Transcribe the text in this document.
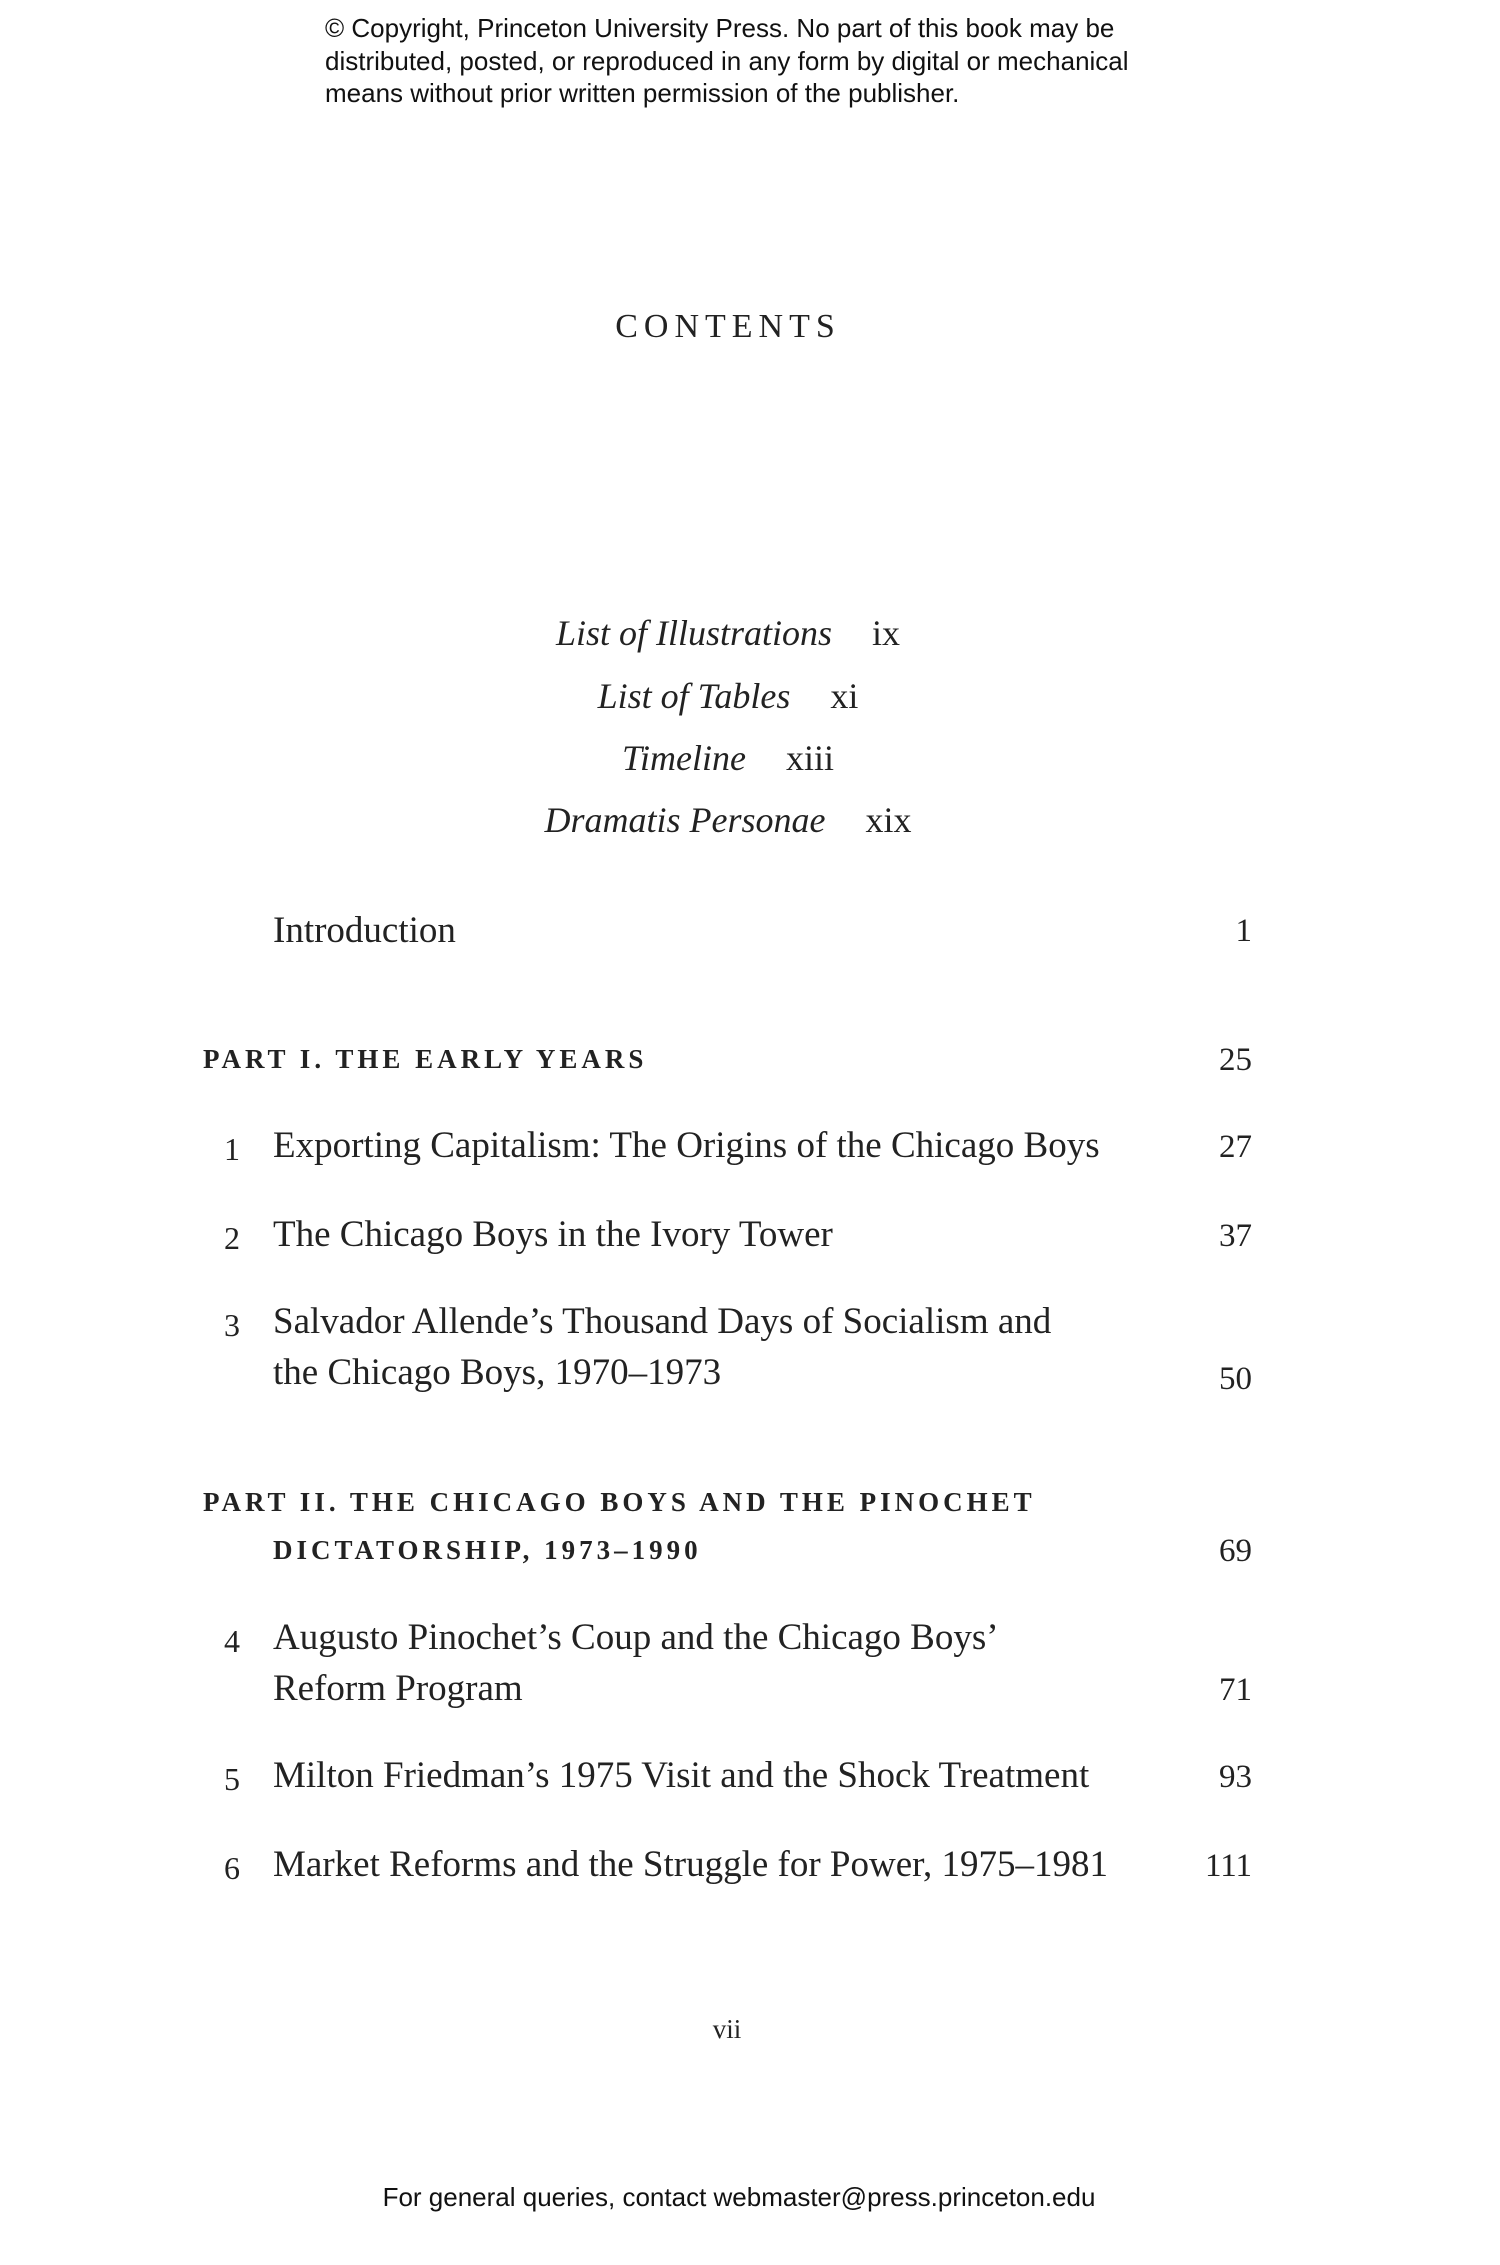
© Copyright, Princeton University Press. No part of this book may be
distributed, posted, or reproduced in any form by digital or mechanical
means without prior written permission of the publisher.
CONTENTS
List of Illustrations ix
List of Tables xi
Timeline xiii
Dramatis Personae xix
Introduction	1
PART I. THE EARLY YEARS	25
1 Exporting Capitalism: The Origins of the Chicago Boys	27
2 The Chicago Boys in the Ivory Tower	37
3 Salvador Allende’s Thousand Days of Socialism and
the Chicago Boys, 1970–1973	50
PART II. THE CHICAGO BOYS AND THE PINOCHET
DICTATORSHIP, 1973–1990	69
4 Augusto Pinochet’s Coup and the Chicago Boys’
Reform Program	71
5 Milton Friedman’s 1975 Visit and the Shock Treatment	93
6 Market Reforms and the Struggle for Power, 1975–1981	111
vii
For general queries, contact webmaster@press.princeton.edu
